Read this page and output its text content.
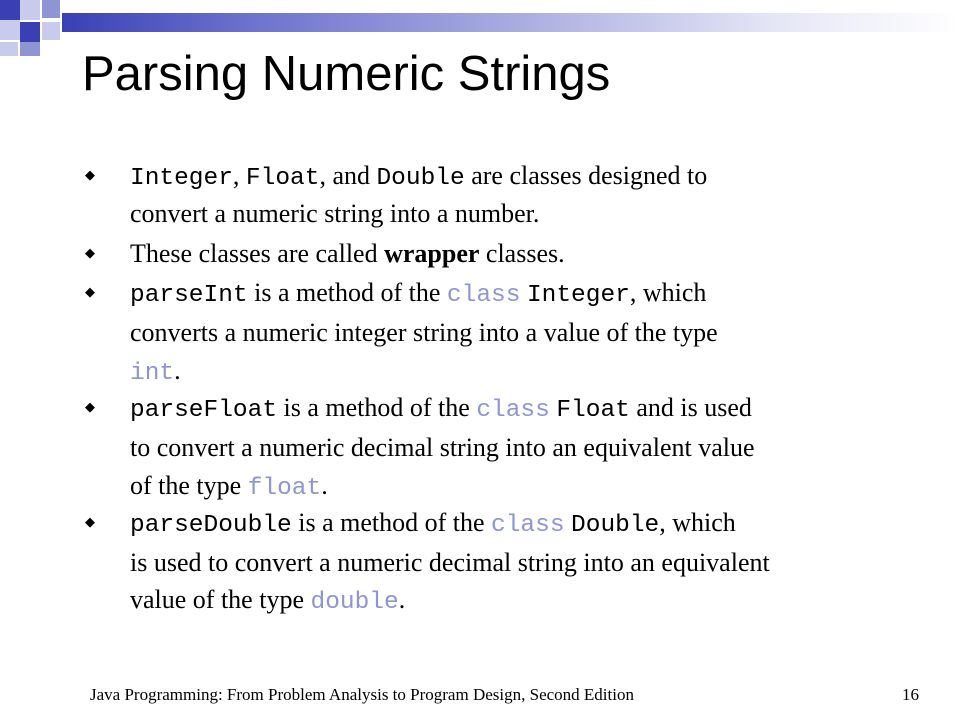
Parsing Numeric Strings
◆ Integer, Float, and Double are classes designed to
convert a numeric string into a number.
◆ These classes are called wrapper classes.
◆ parseInt is a method of the class Integer, which
converts a numeric integer string into a value of the type
int.
◆ parseFloat is a method of the class Float and is used
to convert a numeric decimal string into an equivalent value
of the type float.
◆ parseDouble is a method of the class Double, which
is used to convert a numeric decimal string into an equivalent
value of the type double.
Java Programming: From Problem Analysis to Program Design, Second Edition	16
